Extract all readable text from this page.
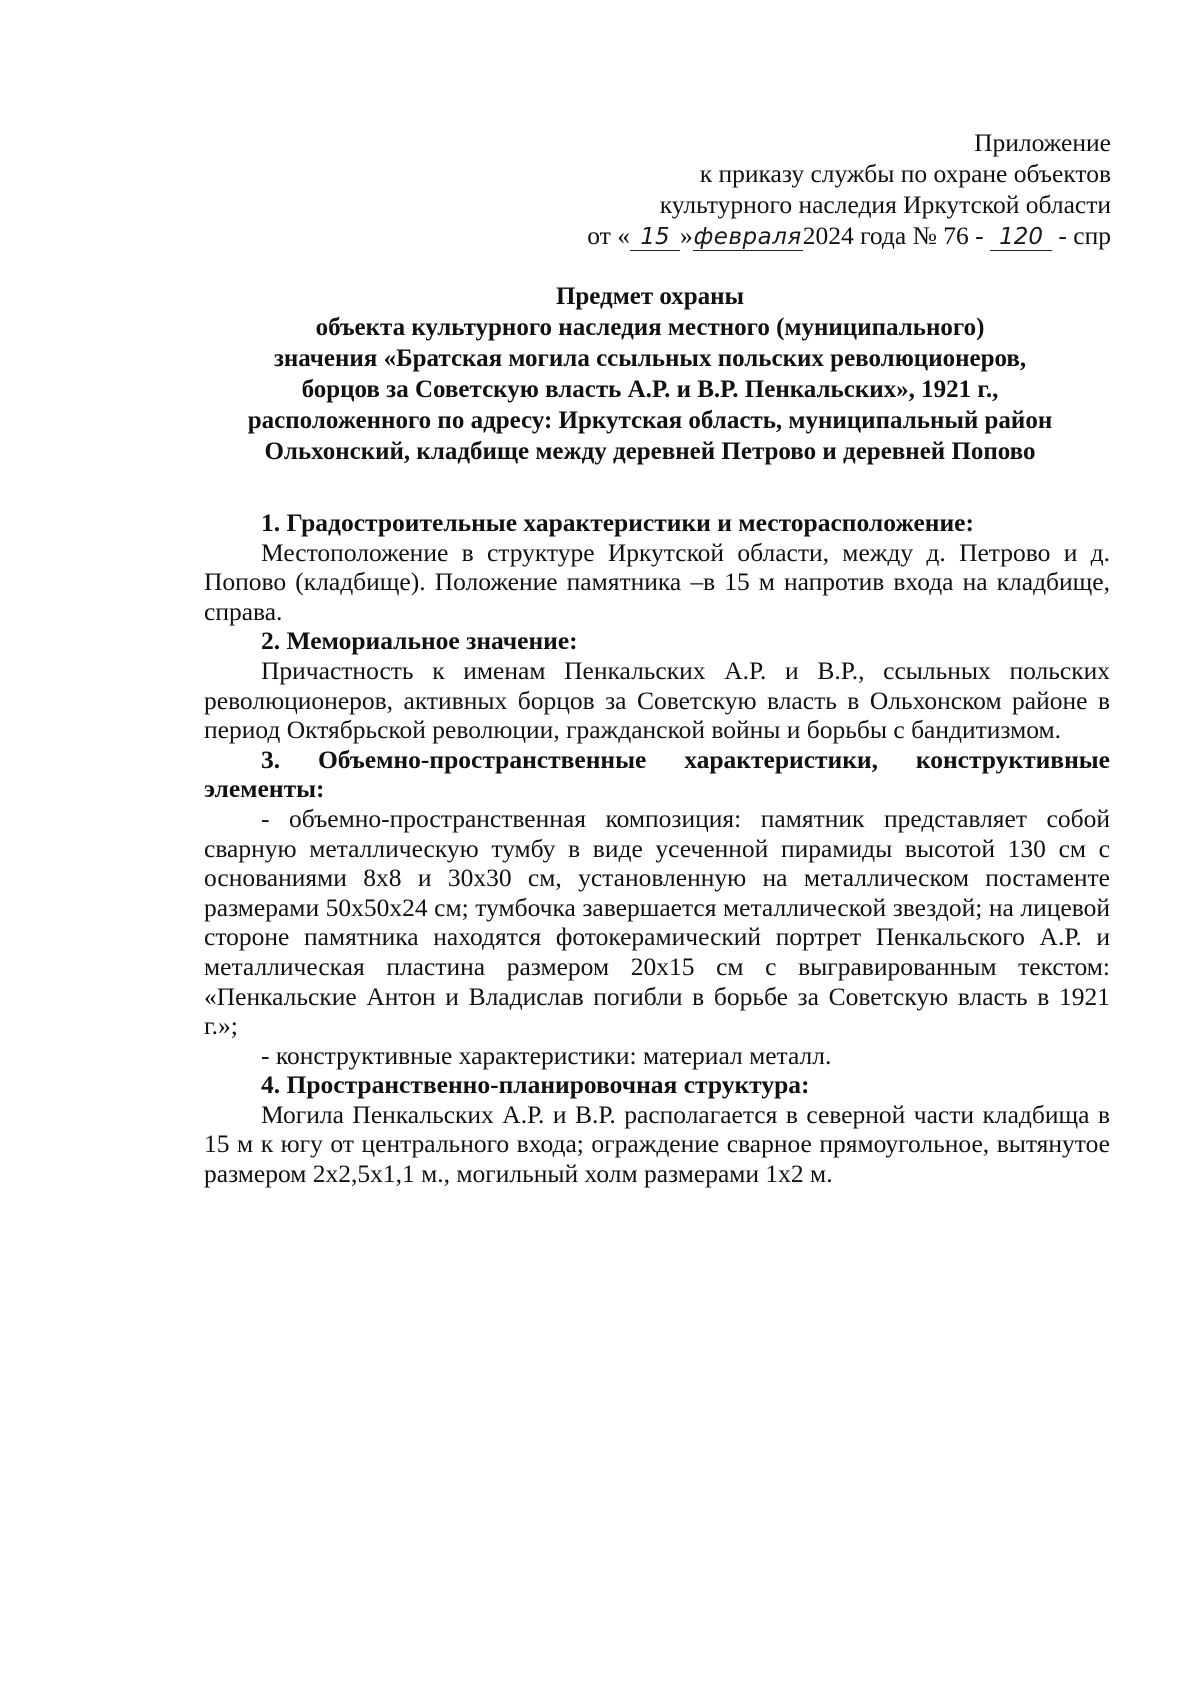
Приложение
к приказу службы по охране объектов
культурного наследия Иркутской области
от « 15 »февраля2024 года № 76 - 120 - спр
Предмет охраны
объекта культурного наследия местного (муниципального)
значения «Братская могила ссыльных польских революционеров,
борцов за Советскую власть А.Р. и В.Р. Пенкальских», 1921 г.,
расположенного по адресу: Иркутская область, муниципальный район
Ольхонский, кладбище между деревней Петрово и деревней Попово

1. Градостроительные характеристики и месторасположение:

Местоположение в структуре Иркутской области, между д. Петрово и д. Попово (кладбище). Положение памятника –в 15 м напротив входа на кладбище, справа.

2. Мемориальное значение:

Причастность к именам Пенкальских А.Р. и В.Р., ссыльных польских революционеров, активных борцов за Советскую власть в Ольхонском районе в период Октябрьской революции, гражданской войны и борьбы с бандитизмом.

3. Объемно-пространственные характеристики, конструктивные элементы:

- объемно-пространственная композиция: памятник представляет собой сварную металлическую тумбу в виде усеченной пирамиды высотой 130 см с основаниями 8х8 и 30х30 см, установленную на металлическом постаменте размерами 50х50х24 см; тумбочка завершается металлической звездой; на лицевой стороне памятника находятся фотокерамический портрет Пенкальского А.Р. и металлическая пластина размером 20х15 см с выгравированным текстом: «Пенкальские Антон и Владислав погибли в борьбе за Советскую власть в 1921 г.»;

- конструктивные характеристики: материал металл.

4. Пространственно-планировочная структура:

Могила Пенкальских А.Р. и В.Р. располагается в северной части кладбища в 15 м к югу от центрального входа; ограждение сварное прямоугольное, вытянутое размером 2х2,5х1,1 м., могильный холм размерами 1х2 м.
